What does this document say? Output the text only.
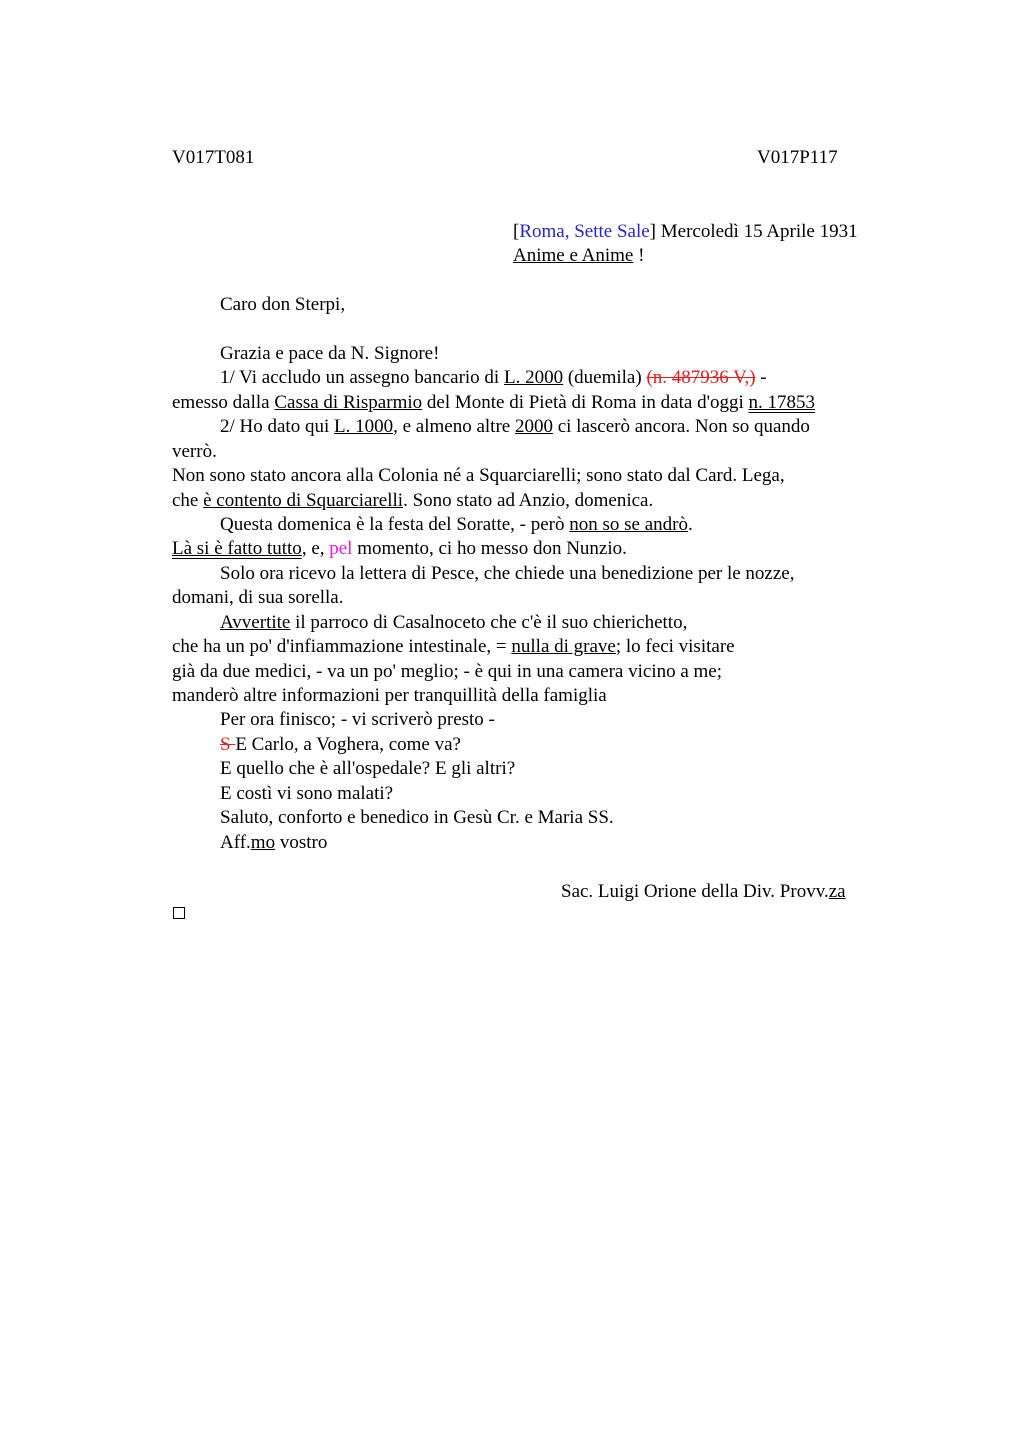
V017T081	V017P117
[Roma, Sette Sale] Mercoledì 15 Aprile 1931
Anime e Anime !
Caro don Sterpi,
Grazia e pace da N. Signore!
1/ Vi accludo un assegno bancario di L. 2000 (duemila) (n. 487936 V,) -
emesso dalla Cassa di Risparmio del Monte di Pietà di Roma in data d'oggi n. 17853
2/ Ho dato qui L. 1000, e almeno altre 2000 ci lascerò ancora. Non so quando
verrò.
Non sono stato ancora alla Colonia né a Squarciarelli; sono stato dal Card. Lega,
che è contento di Squarciarelli. Sono stato ad Anzio, domenica.
Questa domenica è la festa del Soratte, - però non so se andrò.
Là si è fatto tutto, e, pel momento, ci ho messo don Nunzio.
Solo ora ricevo la lettera di Pesce, che chiede una benedizione per le nozze,
domani, di sua sorella.
Avvertite il parroco di Casalnoceto che c'è il suo chierichetto,
che ha un po' d'infiammazione intestinale, = nulla di grave; lo feci visitare
già da due medici, - va un po' meglio; - è qui in una camera vicino a me;
manderò altre informazioni per tranquillità della famiglia
Per ora finisco; - vi scriverò presto -
S E Carlo, a Voghera, come va?
E quello che è all'ospedale? E gli altri?
E costì vi sono malati?
Saluto, conforto e benedico in Gesù Cr. e Maria SS.
Aff.mo vostro
Sac. Luigi Orione della Div. Provv.za
